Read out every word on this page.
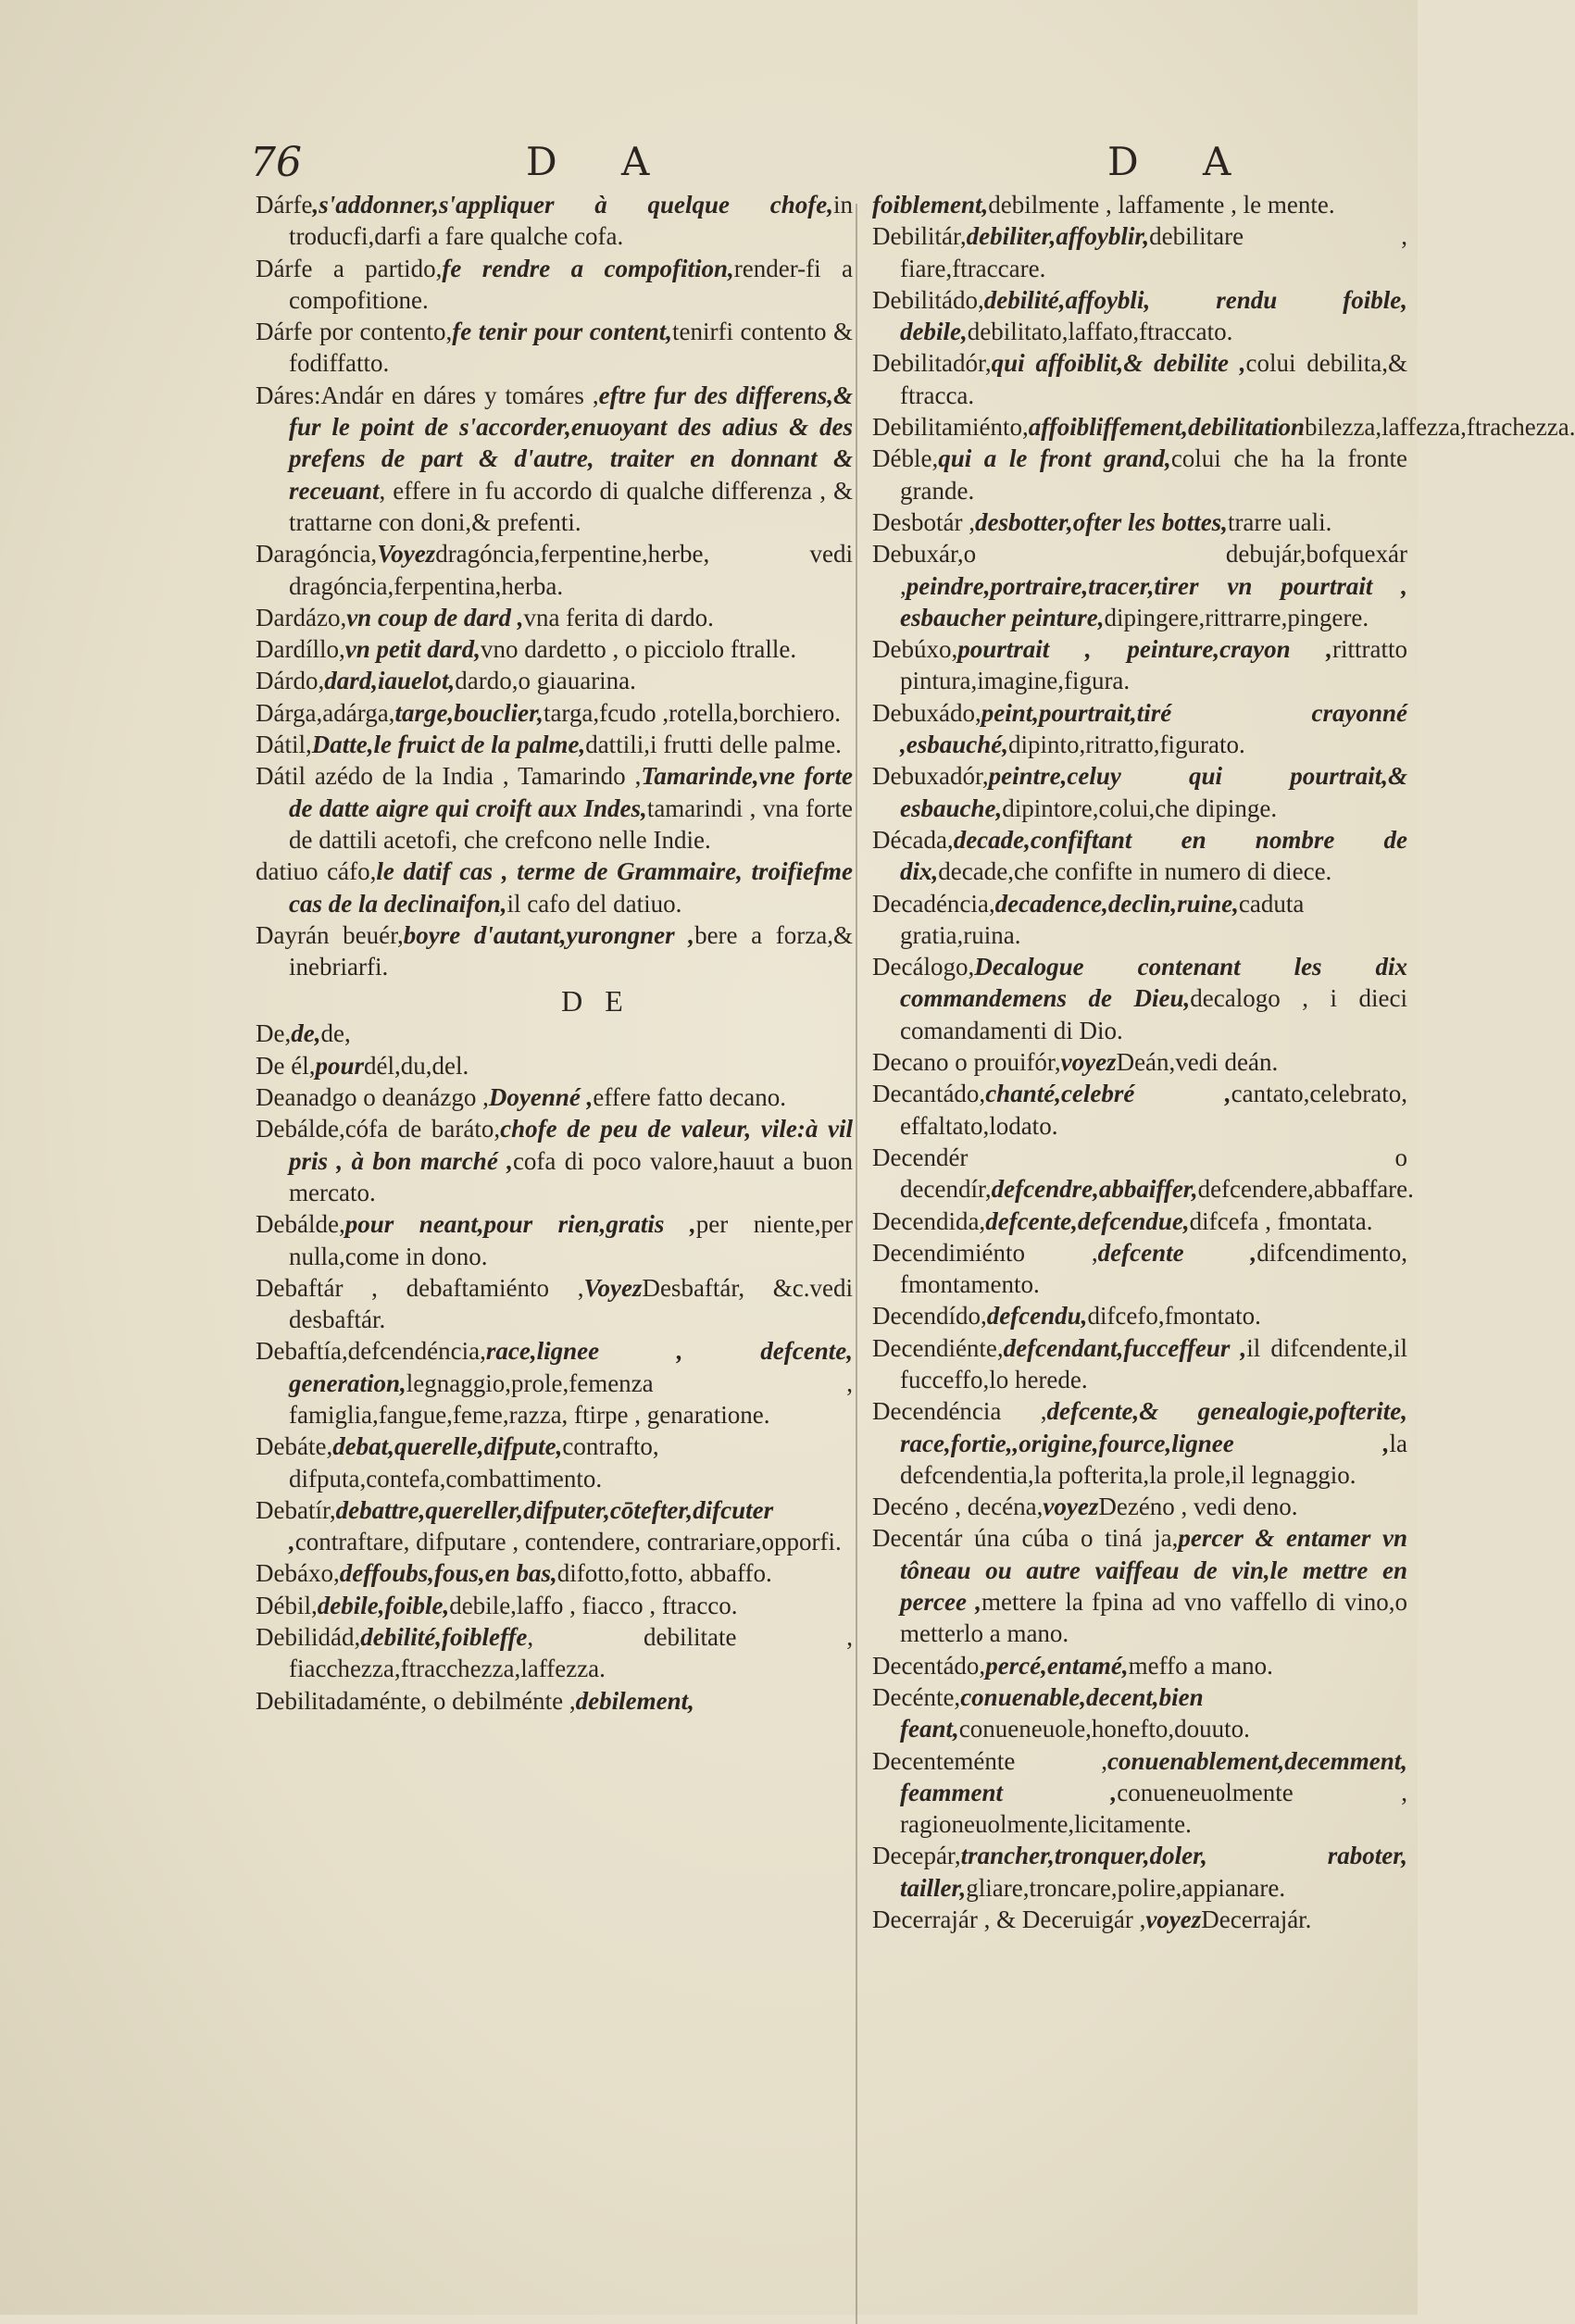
76	D A	D A
Dárfe,s'addonner,s'appliquer à quelque chofe,in troducfi,darfi a fare qualche cofa.
Dárfe a partido,fe rendre a compofition,render-fi a compofitione.
Dárfe por contento,fe tenir pour content,tenirfi contento & fodiffatto.
Dáres:Andár en dáres y tomáres ,eftre fur des differens,& fur le point de s'accorder,enuoyant des adius & des prefens de part & d'autre, traiter en donnant & receuant, effere in fu accordo di qualche differenza , & trattarne con doni,& prefenti.
Daragóncia,Voyezdragóncia,ferpentine,herbe, vedi dragóncia,ferpentina,herba.
Dardázo,vn coup de dard ,vna ferita di dardo.
Dardíllo,vn petit dard,vno dardetto , o picciolo ftralle.
Dárdo,dard,iauelot,dardo,o giauarina.
Dárga,adárga,targe,bouclier,targa,fcudo ,rotella,borchiero.
Dátil,Datte,le fruict de la palme,dattili,i frutti delle palme.
Dátil azédo de la India , Tamarindo ,Tamarinde,vne forte de datte aigre qui croift aux Indes,tamarindi , vna forte de dattili acetofi, che crefcono nelle Indie.
datiuo cáfo,le datif cas , terme de Grammaire, troifiefme cas de la declinaifon,il cafo del datiuo.
Dayrán beuér,boyre d'autant,yurongner ,bere a forza,& inebriarfi.
D E
De,de,de,
De él,pourdél,du,del.
Deanadgo o deanázgo ,Doyenné ,effere fatto decano.
Debálde,cófa de baráto,chofe de peu de valeur, vile:à vil pris , à bon marché ,cofa di poco valore,hauut a buon mercato.
Debálde,pour neant,pour rien,gratis ,per niente,per nulla,come in dono.
Debaftár , debaftamiénto ,VoyezDesbaftár, &c.vedi desbaftár.
Debaftía,defcendéncia,race,lignee , defcente, generation,legnaggio,prole,femenza , famiglia,fangue,feme,razza, ftirpe , genaratione.
Debáte,debat,querelle,difpute,contrafto, difputa,contefa,combattimento.
Debatír,debattre,quereller,difputer,cōtefter,difcuter ,contraftare, difputare , contendere, contrariare,opporfi.
Debáxo,deffoubs,fous,en bas,difotto,fotto, abbaffo.
Débil,debile,foible,debile,laffo , fiacco , ftracco.
Debilidád,debilité,foibleffe, debilitate , fiacchezza,ftracchezza,laffezza.
Debilitadaménte, o debilménte ,debilement,
foiblement,debilmente , laffamente , le mente.
Debilitár,debiliter,affoyblir,debilitare , fiare,ftraccare.
Debilitádo,debilité,affoybli, rendu foible, debile,debilitato,laffato,ftraccato.
Debilitadór,qui affoiblit,& debilite ,colui debilita,& ftracca.
Debilitamiénto,affoibliffement,debilitationbilezza,laffezza,ftrachezza.
Déble,qui a le front grand,colui che ha la fronte grande.
Desbotár ,desbotter,ofter les bottes,trarre uali.
Debuxár,o debujár,bofquexár ,peindre,portraire,tracer,tirer vn pourtrait , esbaucher peinture,dipingere,rittrarre,pingere.
Debúxo,pourtrait , peinture,crayon ,rittratto pintura,imagine,figura.
Debuxádo,peint,pourtrait,tiré crayonné ,esbauché,dipinto,ritratto,figurato.
Debuxadór,peintre,celuy qui pourtrait,& esbauche,dipintore,colui,che dipinge.
Década,decade,confiftant en nombre de dix,decade,che confifte in numero di diece.
Decadéncia,decadence,declin,ruine,caduta gratia,ruina.
Decálogo,Decalogue contenant les dix commandemens de Dieu,decalogo , i dieci comandamenti di Dio.
Decano o prouifór,voyezDeán,vedi deán.
Decantádo,chanté,celebré ,cantato,celebrato, effaltato,lodato.
Decendér o decendír,defcendre,abbaiffer,defcendere,abbaffare.
Decendida,defcente,defcendue,difcefa , fmontata.
Decendimiénto ,defcente ,difcendimento, fmontamento.
Decendído,defcendu,difcefo,fmontato.
Decendiénte,defcendant,fucceffeur ,il difcendente,il fucceffo,lo herede.
Decendéncia ,defcente,& genealogie,pofterite, race,fortie,,origine,fource,lignee ,la defcendentia,la pofterita,la prole,il legnaggio.
Decéno , decéna,voyezDezéno , vedi deno.
Decentár úna cúba o tiná ja,percer & entamer vn tôneau ou autre vaiffeau de vin,le mettre en percee ,mettere la fpina ad vno vaffello di vino,o metterlo a mano.
Decentádo,percé,entamé,meffo a mano.
Decénte,conuenable,decent,bien feant,conueneuole,honefto,douuto.
Decenteménte ,conuenablement,decemment, feamment ,conueneuolmente , ragioneuolmente,licitamente.
Decepár,trancher,tronquer,doler, raboter, tailler,gliare,troncare,polire,appianare.
Decerrajár , & Deceruigár ,voyezDecerrajár.
